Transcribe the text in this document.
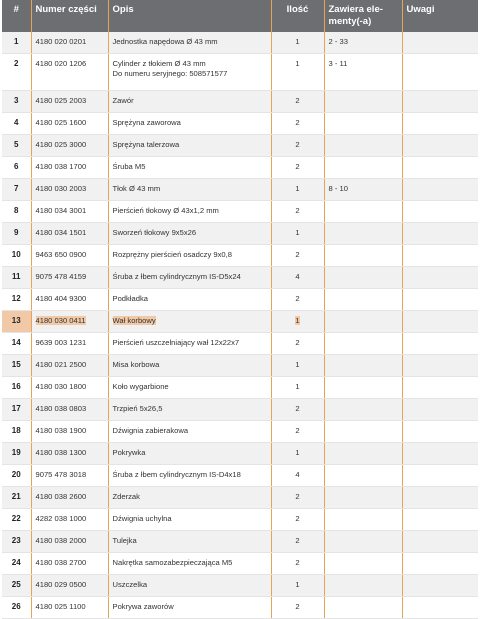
#	Numer części	Opis	Ilość	Zawiera ele-
menty(-a)	Uwagi
1	4180 020 0201	Jednostka napędowa Ø 43 mm	1	2 - 33	
2	4180 020 1206	Cylinder z tłokiem Ø 43 mm
Do numeru seryjnego: 508571577	1	3 - 11	
3	4180 025 2003	Zawór	2		
4	4180 025 1600	Sprężyna zaworowa	2		
5	4180 025 3000	Sprężyna talerzowa	2		
6	4180 038 1700	Śruba M5	2		
7	4180 030 2003	Tłok Ø 43 mm	1	8 - 10	
8	4180 034 3001	Pierścień tłokowy Ø 43x1,2 mm	2		
9	4180 034 1501	Sworzeń tłokowy 9x5x26	1		
10	9463 650 0900	Rozprężny pierścień osadczy 9x0,8	2		
11	9075 478 4159	Śruba z łbem cylindrycznym IS-D5x24	4		
12	4180 404 9300	Podkładka	2		
13	4180 030 0411	Wał korbowy	1		
14	9639 003 1231	Pierścień uszczelniający wał 12x22x7	2		
15	4180 021 2500	Misa korbowa	1		
16	4180 030 1800	Koło wygarbione	1		
17	4180 038 0803	Trzpień 5x26,5	2		
18	4180 038 1900	Dźwignia zabierakowa	2		
19	4180 038 1300	Pokrywka	1		
20	9075 478 3018	Śruba z łbem cylindrycznym IS-D4x18	4		
21	4180 038 2600	Zderzak	2		
22	4282 038 1000	Dźwignia uchylna	2		
23	4180 038 2000	Tulejka	2		
24	4180 038 2700	Nakrętka samozabezpieczająca M5	2		
25	4180 029 0500	Uszczelka	1		
26	4180 025 1100	Pokrywa zaworów	2		
